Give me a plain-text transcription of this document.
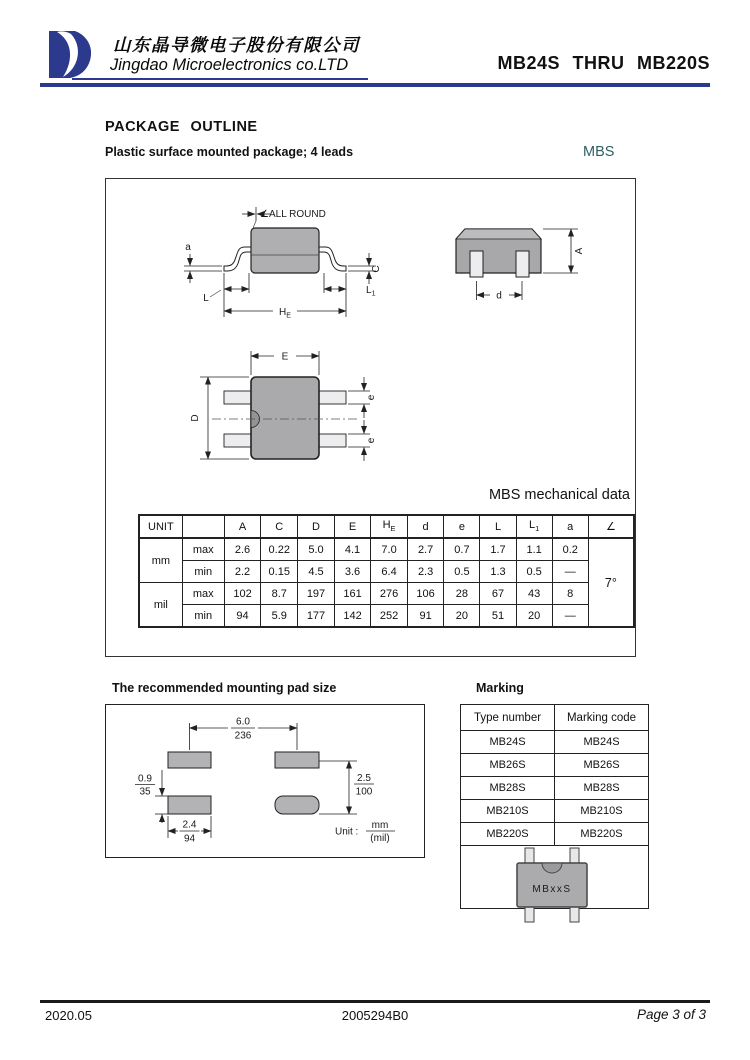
山东晶导微电子股份有限公司
Jingdao Microelectronics co.LTD	MB24S THRU MB220S
PACKAGE OUTLINE
Plastic surface mounted package; 4 leads	MBS
∠ALL ROUND
a
C
L
$L_1$
$H_E$
A
d
E
D
e
e
MBS mechanical data
UNIT		A	C	D	E	$H_E$	d	e	L	$L_1$	a	∠
mm	max	2.6	0.22	5.0	4.1	7.0	2.7	0.7	1.7	1.1	0.2	7°
	min	2.2	0.15	4.5	3.6	6.4	2.3	0.5	1.3	0.5	—	
mil	max	102	8.7	197	161	276	106	28	67	43	8	
	min	94	5.9	177	142	252	91	20	51	20	—	
The recommended mounting pad size
6.0
236
0.9
35
2.5
100
2.4
94
Unit :
mm
(mil)
Marking
Type number	Marking code
MB24S	MB24S
MB26S	MB26S
MB28S	MB28S
MB210S	MB210S
MB220S	MB220S
MBxxS
2020.05	2005294B0	Page 3 of 3
